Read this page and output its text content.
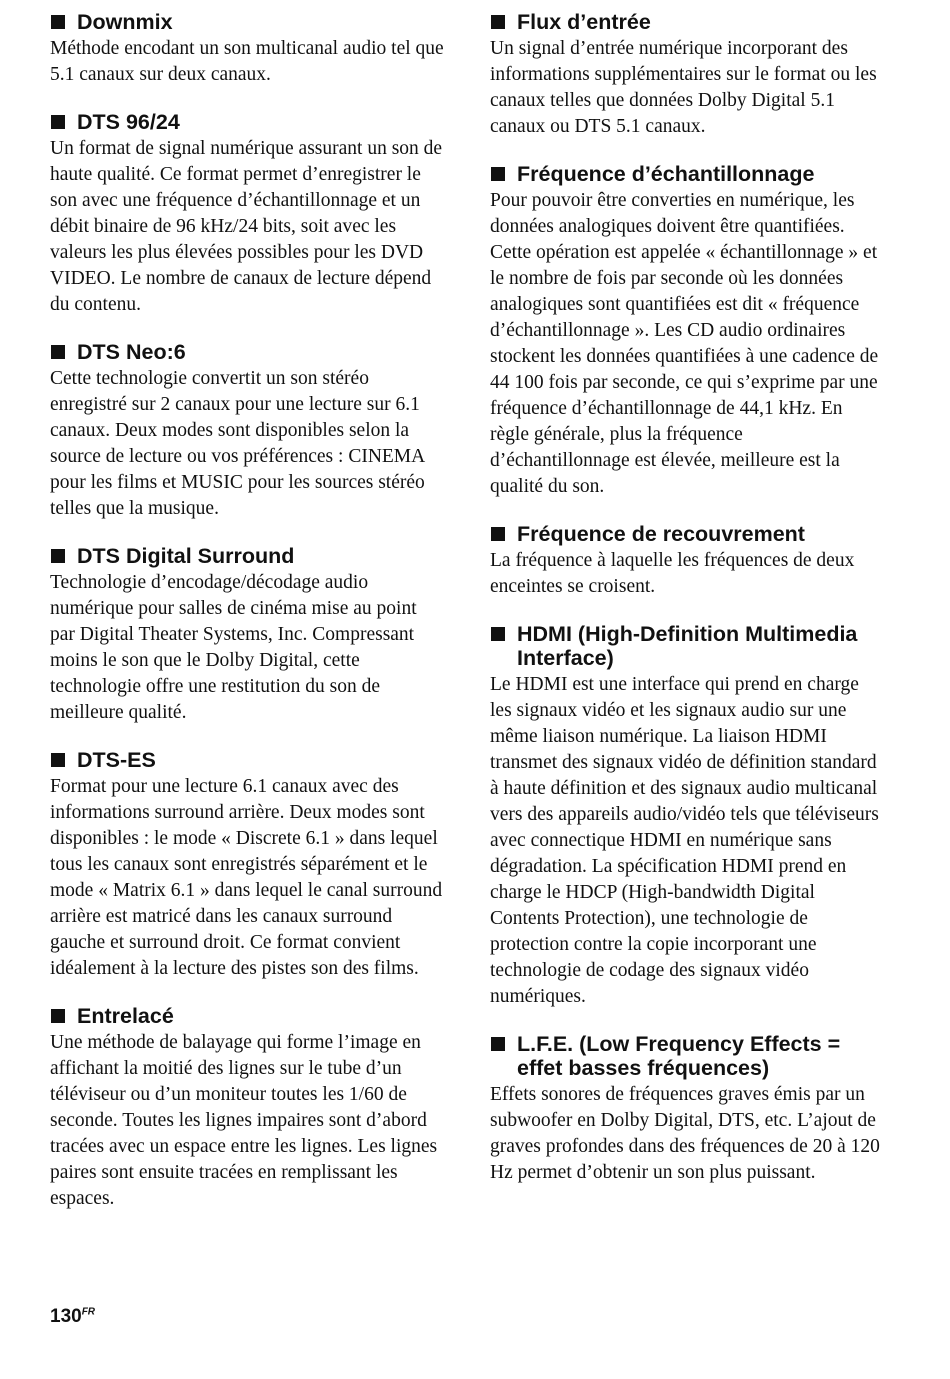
Downmix
Méthode encodant un son multicanal audio tel que 5.1 canaux sur deux canaux.
DTS 96/24
Un format de signal numérique assurant un son de haute qualité. Ce format permet d’enregistrer le son avec une fréquence d’échantillonnage et un débit binaire de 96 kHz/24 bits, soit avec les valeurs les plus élevées possibles pour les DVD VIDEO. Le nombre de canaux de lecture dépend du contenu.
DTS Neo:6
Cette technologie convertit un son stéréo enregistré sur 2 canaux pour une lecture sur 6.1 canaux. Deux modes sont disponibles selon la source de lecture ou vos préférences : CINEMA pour les films et MUSIC pour les sources stéréo telles que la musique.
DTS Digital Surround
Technologie d’encodage/décodage audio numérique pour salles de cinéma mise au point par Digital Theater Systems, Inc. Compressant moins le son que le Dolby Digital, cette technologie offre une restitution du son de meilleure qualité.
DTS-ES
Format pour une lecture 6.1 canaux avec des informations surround arrière. Deux modes sont disponibles : le mode « Discrete 6.1 » dans lequel tous les canaux sont enregistrés séparément et le mode « Matrix 6.1 » dans lequel le canal surround arrière est matricé dans les canaux surround gauche et surround droit. Ce format convient idéalement à la lecture des pistes son des films.
Entrelacé
Une méthode de balayage qui forme l’image en affichant la moitié des lignes sur le tube d’un téléviseur ou d’un moniteur toutes les 1/60 de seconde. Toutes les lignes impaires sont d’abord tracées avec un espace entre les lignes. Les lignes paires sont ensuite tracées en remplissant les espaces.
Flux d’entrée
Un signal d’entrée numérique incorporant des informations supplémentaires sur le format ou les canaux telles que données Dolby Digital 5.1 canaux ou DTS 5.1 canaux.
Fréquence d’échantillonnage
Pour pouvoir être converties en numérique, les données analogiques doivent être quantifiées. Cette opération est appelée « échantillonnage » et le nombre de fois par seconde où les données analogiques sont quantifiées est dit « fréquence d’échantillonnage ». Les CD audio ordinaires stockent les données quantifiées à une cadence de 44 100 fois par seconde, ce qui s’exprime par une fréquence d’échantillonnage de 44,1 kHz. En règle générale, plus la fréquence d’échantillonnage est élevée, meilleure est la qualité du son.
Fréquence de recouvrement
La fréquence à laquelle les fréquences de deux enceintes se croisent.
HDMI (High-Definition Multimedia Interface)
Le HDMI est une interface qui prend en charge les signaux vidéo et les signaux audio sur une même liaison numérique. La liaison HDMI transmet des signaux vidéo de définition standard à haute définition et des signaux audio multicanal vers des appareils audio/vidéo tels que téléviseurs avec connectique HDMI en numérique sans dégradation. La spécification HDMI prend en charge le HDCP (High-bandwidth Digital Contents Protection), une technologie de protection contre la copie incorporant une technologie de codage des signaux vidéo numériques.
L.F.E. (Low Frequency Effects = effet basses fréquences)
Effets sonores de fréquences graves émis par un subwoofer en Dolby Digital, DTS, etc. L’ajout de graves profondes dans des fréquences de 20 à 120 Hz permet d’obtenir un son plus puissant.
$130^{FR}$
